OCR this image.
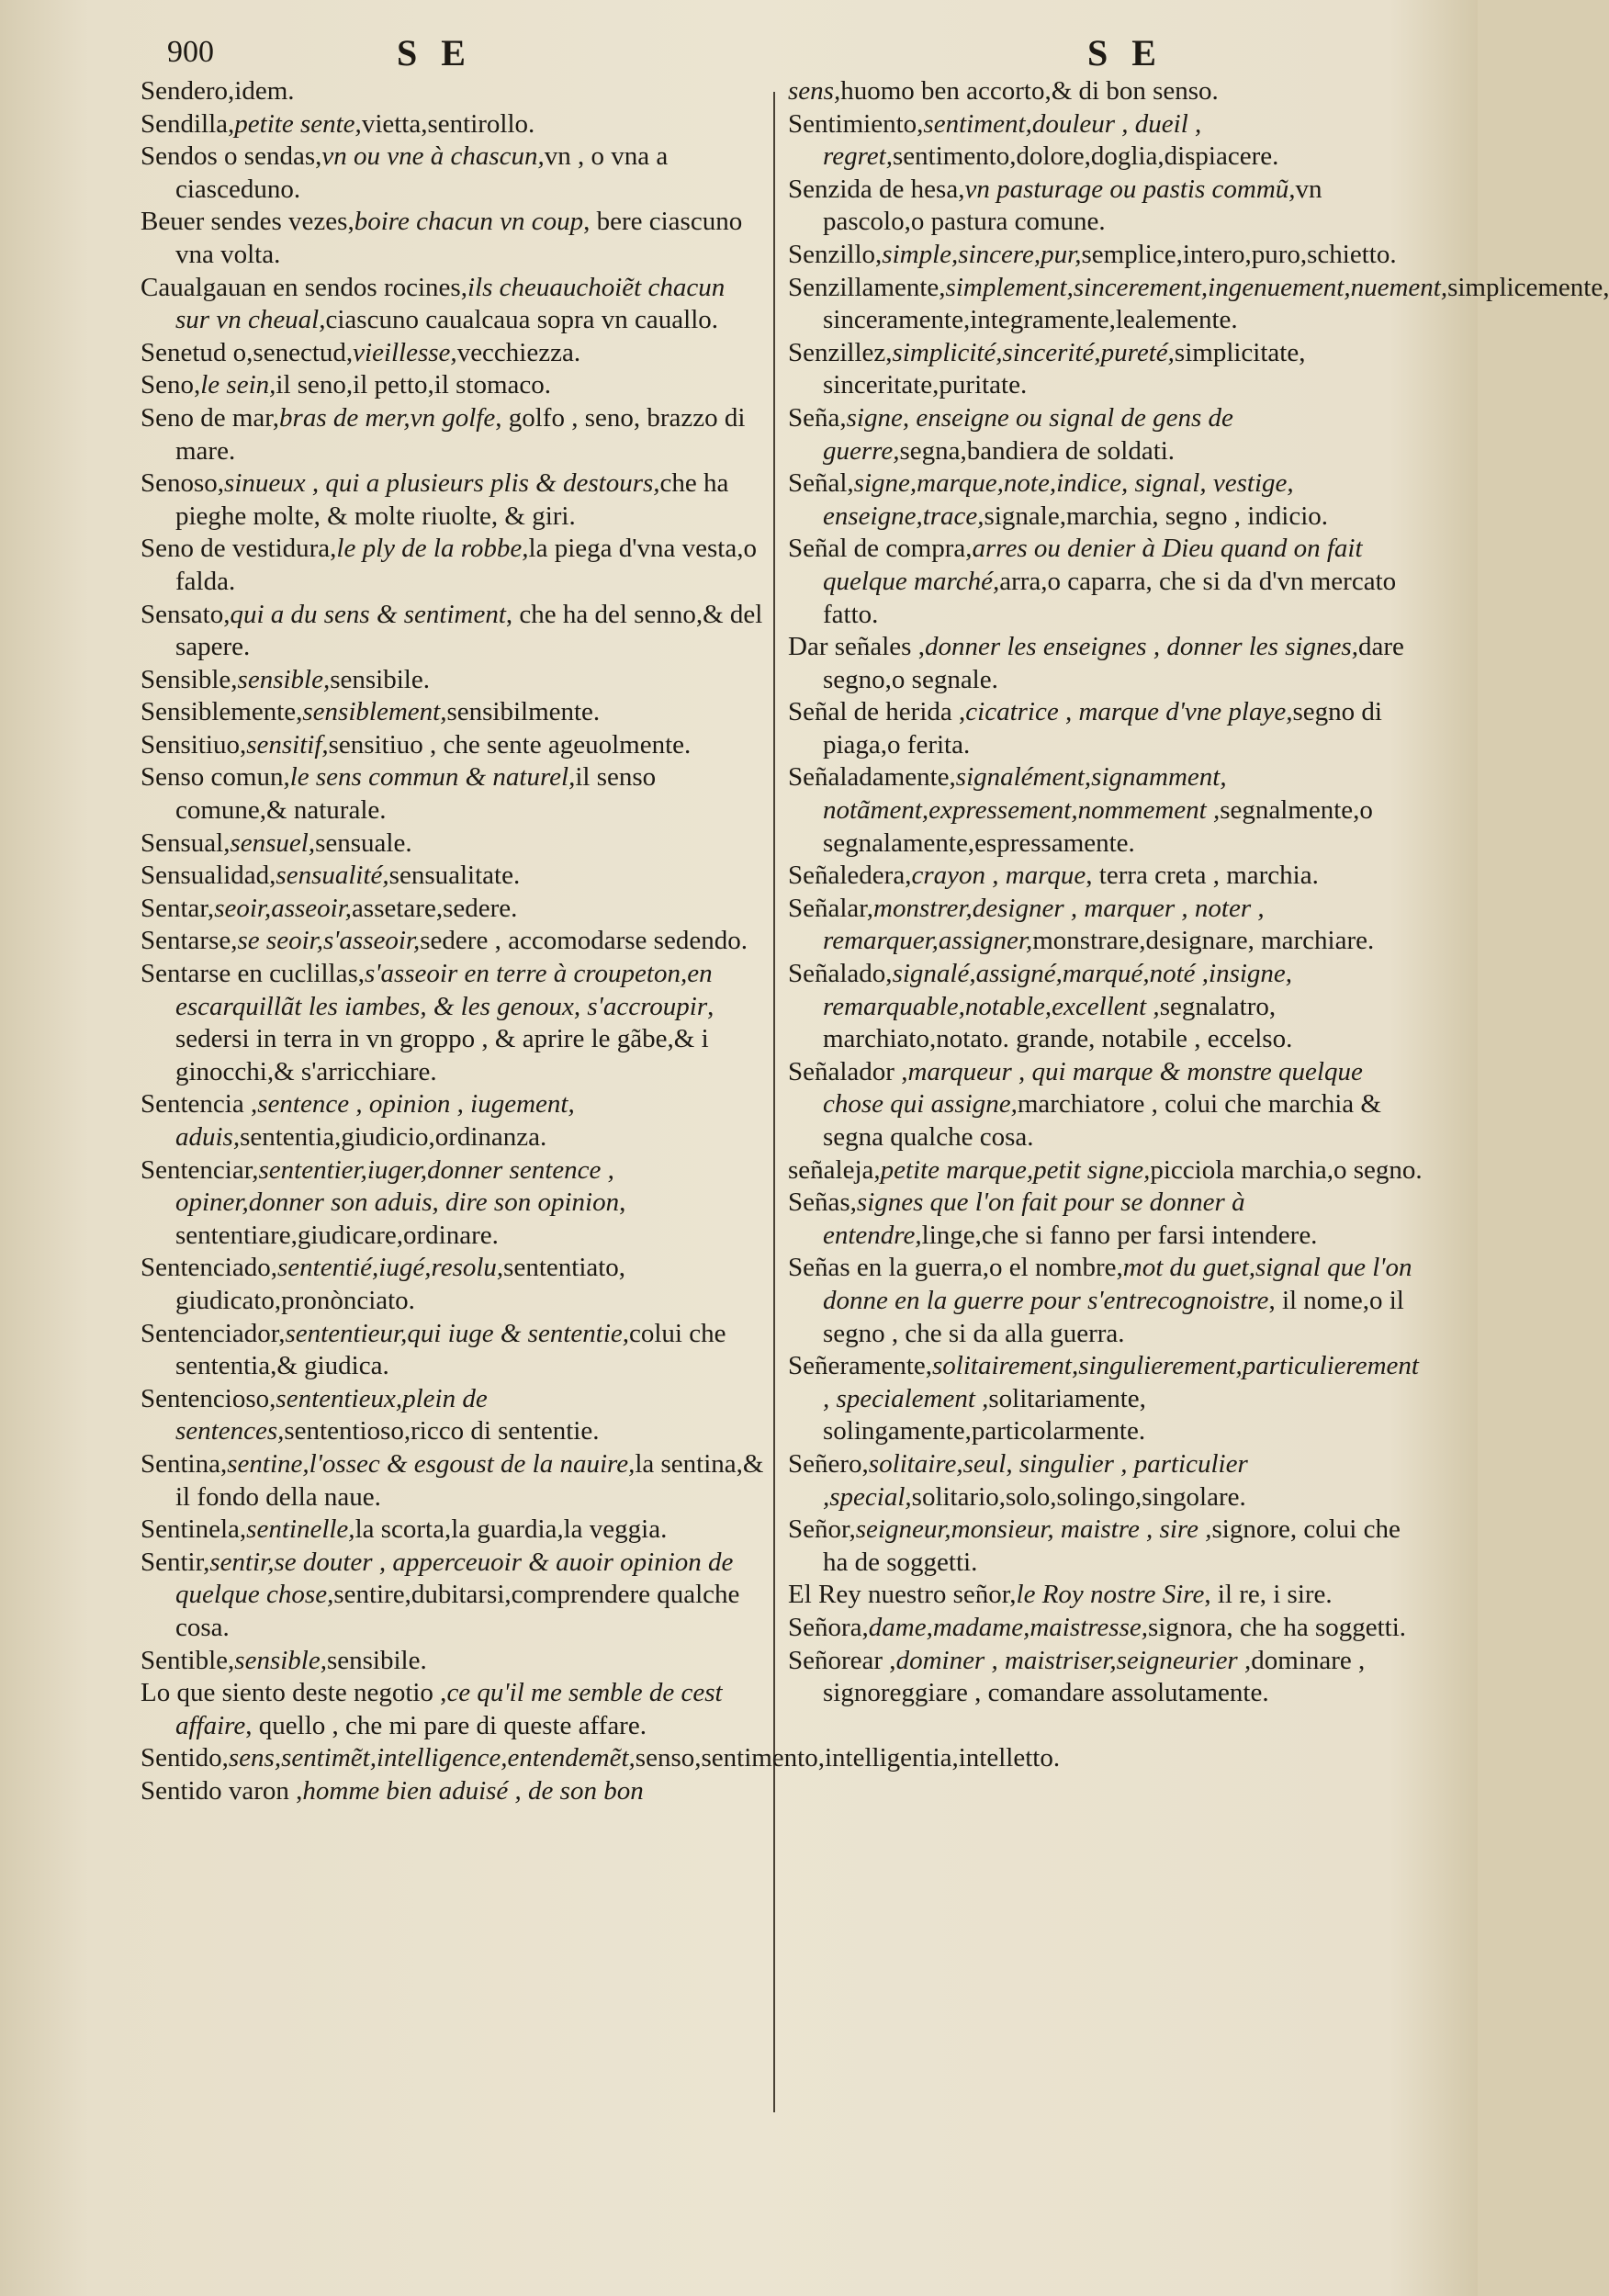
900	S E	S E

Sendero,idem.

Sendilla,petite sente,vietta,sentirollo.

Sendos o sendas,vn ou vne à chascun,vn , o vna a ciasceduno.

Beuer sendes vezes,boire chacun vn coup, bere ciascuno vna volta.

Caualgauan en sendos rocines,ils cheuauchoiẽt chacun sur vn cheual,ciascuno caualcaua sopra vn cauallo.

Senetud o,senectud,vieillesse,vecchiezza.

Seno,le sein,il seno,il petto,il stomaco.

Seno de mar,bras de mer,vn golfe, golfo , seno, brazzo di mare.

Senoso,sinueux , qui a plusieurs plis & destours,che ha pieghe molte, & molte riuolte, & giri.

Seno de vestidura,le ply de la robbe,la piega d'vna vesta,o falda.

Sensato,qui a du sens & sentiment, che ha del senno,& del sapere.

Sensible,sensible,sensibile.

Sensiblemente,sensiblement,sensibilmente.

Sensitiuo,sensitif,sensitiuo , che sente ageuolmente.

Senso comun,le sens commun & naturel,il senso comune,& naturale.

Sensual,sensuel,sensuale.

Sensualidad,sensualité,sensualitate.

Sentar,seoir,asseoir,assetare,sedere.

Sentarse,se seoir,s'asseoir,sedere , accomodarse sedendo.

Sentarse en cuclillas,s'asseoir en terre à croupeton,en escarquillãt les iambes, & les genoux, s'accroupir, sedersi in terra in vn groppo , & aprire le gãbe,& i ginocchi,& s'arricchiare.

Sentencia ,sentence , opinion , iugement, aduis,sententia,giudicio,ordinanza.

Sentenciar,sententier,iuger,donner sentence , opiner,donner son aduis, dire son opinion, sententiare,giudicare,ordinare.

Sentenciado,sententié,iugé,resolu,sententiato, giudicato,pronònciato.

Sentenciador,sententieur,qui iuge & sententie,colui che sententia,& giudica.

Sentencioso,sententieux,plein de sentences,sententioso,ricco di sententie.

Sentina,sentine,l'ossec & esgoust de la nauire,la sentina,& il fondo della naue.

Sentinela,sentinelle,la scorta,la guardia,la veggia.

Sentir,sentir,se douter , apperceuoir & auoir opinion de quelque chose,sentire,dubitarsi,comprendere qualche cosa.

Sentible,sensible,sensibile.

Lo que siento deste negotio ,ce qu'il me semble de cest affaire, quello , che mi pare di queste affare.

Sentido,sens,sentimẽt,intelligence,entendemẽt,senso,sentimento,intelligentia,intelletto.

Sentido varon ,homme bien aduisé , de son bon

sens,huomo ben accorto,& di bon senso.

Sentimiento,sentiment,douleur , dueil , regret,sentimento,dolore,doglia,dispiacere.

Senzida de hesa,vn pasturage ou pastis commũ,vn pascolo,o pastura comune.

Senzillo,simple,sincere,pur,semplice,intero,puro,schietto.

Senzillamente,simplement,sincerement,ingenuement,nuement,simplicemente, sinceramente,integramente,lealemente.

Senzillez,simplicité,sincerité,pureté,simplicitate, sinceritate,puritate.

Seña,signe, enseigne ou signal de gens de guerre,segna,bandiera de soldati.

Señal,signe,marque,note,indice, signal, vestige, enseigne,trace,signale,marchia, segno , indicio.

Señal de compra,arres ou denier à Dieu quand on fait quelque marché,arra,o caparra, che si da d'vn mercato fatto.

Dar señales ,donner les enseignes , donner les signes,dare segno,o segnale.

Señal de herida ,cicatrice , marque d'vne playe,segno di piaga,o ferita.

Señaladamente,signalément,signamment, notãment,expressement,nommement ,segnalmente,o segnalamente,espressamente.

Señaledera,crayon , marque, terra creta , marchia.

Señalar,monstrer,designer , marquer , noter , remarquer,assigner,monstrare,designare, marchiare.

Señalado,signalé,assigné,marqué,noté ,insigne, remarquable,notable,excellent ,segnalatro, marchiato,notato. grande, notabile , eccelso.

Señalador ,marqueur , qui marque & monstre quelque chose qui assigne,marchiatore , colui che marchia & segna qualche cosa.

señaleja,petite marque,petit signe,picciola marchia,o segno.

Señas,signes que l'on fait pour se donner à entendre,linge,che si fanno per farsi intendere.

Señas en la guerra,o el nombre,mot du guet,signal que l'on donne en la guerre pour s'entrecognoistre, il nome,o il segno , che si da alla guerra.

Señeramente,solitairement,singulierement,particulierement , specialement ,solitariamente, solingamente,particolarmente.

Señero,solitaire,seul, singulier , particulier ,special,solitario,solo,solingo,singolare.

Señor,seigneur,monsieur, maistre , sire ,signore, colui che ha de soggetti.

El Rey nuestro señor,le Roy nostre Sire, il re, i sire.

Señora,dame,madame,maistresse,signora, che ha soggetti.

Señorear ,dominer , maistriser,seigneurier ,dominare , signoreggiare , comandare assolutamente.
